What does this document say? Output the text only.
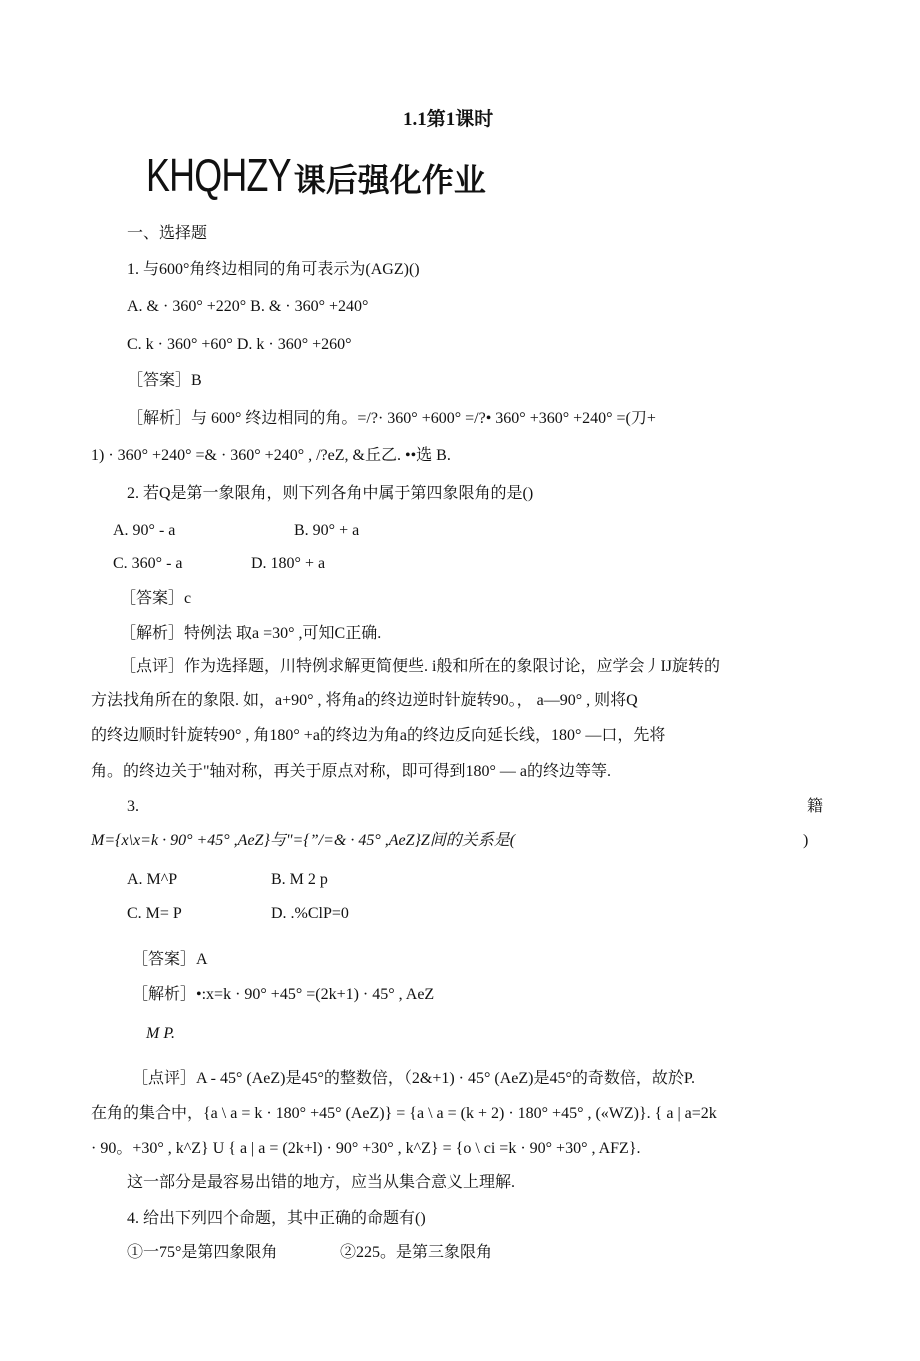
1.1第1课时
KHQHZY课后强化作业
一、选择题
1. 与600°角终边相同的角可表示为(AGZ)()
A. & · 360° +220° B. & · 360° +240°
C. k · 360° +60° D. k · 360° +260°
［答案］B
［解析］与 600° 终边相同的角。=/?· 360° +600° =/?• 360° +360° +240° =(刀+
1) · 360° +240° =& · 360° +240° , /?eZ, &丘乙. ••选 B.
2. 若Q是第一象限角，则下列各角中属于第四象限角的是()
A. 90° - a	B. 90° + a
C. 360° - a	D. 180° + a
［答案］c
［解析］特例法 取a =30° ,可知C正确.
［点评］作为选择题，川特例求解更简便些. i般和所在的象限讨论，应学会丿IJ旋转的
方法找角所在的象限. 如，a+90° , 将角a的终边逆时针旋转90。， a—90° , 则将Q
的终边顺时针旋转90° , 角180° +a的终边为角a的终边反向延长线，180° —口，先将
角。的终边关于"轴对称，再关于原点对称，即可得到180° — a的终边等等.
3.	籍
M={x\x=k · 90° +45° ,AeZ}与"={”/=& · 45° ,AeZ}Z间的关系是(	)
A. M^P	B. M 2 p
C. M= P	D. .%ClP=0
［答案］A
［解析］•:x=k · 90° +45° =(2k+1) · 45° , AeZ
M P.
［点评］A - 45° (AeZ)是45°的整数倍，（2&+1) · 45° (AeZ)是45°的奇数倍，故於P.
在角的集合中，{a \ a = k · 180° +45° (AeZ)} = {a \ a = (k + 2) · 180° +45° , («WZ)}. { a | a=2k
· 90。+30° , k^Z} U { a | a = (2k+l) · 90° +30° , k^Z} = {o \ ci =k · 90° +30° , AFZ}.
这一部分是最容易出错的地方，应当从集合意义上理解.
4. 给出下列四个命题，其中正确的命题有()
①一75°是第四象限角	②225。是第三象限角
